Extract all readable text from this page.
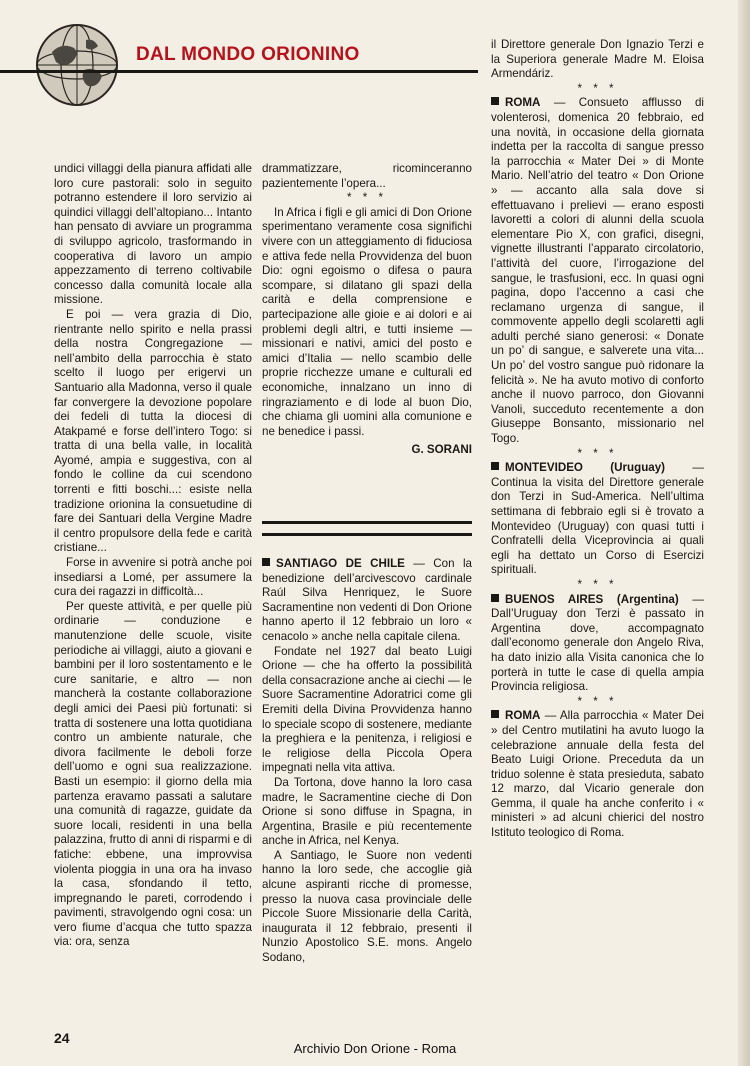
DAL MONDO ORIONINO

undici villaggi della pianura affidati alle loro cure pastorali: solo in seguito potranno estendere il loro servizio ai quindici villaggi dell’altopiano... Intanto han pensato di avviare un programma di sviluppo agricolo, trasformando in cooperativa di lavoro un ampio appezzamento di terreno coltivabile concesso dalla comunità locale alla missione.

E poi — vera grazia di Dio, rientrante nello spirito e nella prassi della nostra Congregazione — nell’ambito della parrocchia è stato scelto il luogo per erigervi un Santuario alla Madonna, verso il quale far convergere la devozione popolare dei fedeli di tutta la diocesi di Atakpamé e forse dell’intero Togo: si tratta di una bella valle, in località Ayomé, ampia e suggestiva, con al fondo le colline da cui scendono torrenti e fitti boschi...: esiste nella tradizione orionina la consuetudine di fare dei Santuari della Vergine Madre il centro propulsore della fede e carità cristiane...

Forse in avvenire si potrà anche poi insediarsi a Lomé, per assumere la cura dei ragazzi in difficoltà...

Per queste attività, e per quelle più ordinarie — conduzione e manutenzione delle scuole, visite periodiche ai villaggi, aiuto a giovani e bambini per il loro sostentamento e le cure sanitarie, e altro — non mancherà la costante collaborazione degli amici dei Paesi più fortunati: si tratta di sostenere una lotta quotidiana contro un ambiente naturale, che divora facilmente le deboli forze dell’uomo e ogni sua realizzazione. Basti un esempio: il giorno della mia partenza eravamo passati a salutare una comunità di ragazze, guidate da suore locali, residenti in una bella palazzina, frutto di anni di risparmi e di fatiche: ebbene, una improvvisa violenta pioggia in una ora ha invaso la casa, sfondando il tetto, impregnando le pareti, corrodendo i pavimenti, stravolgendo ogni cosa: un vero fiume d’acqua che tutto spazza via: ora, senza

drammatizzare, ricominceranno pazientemente l’opera...

* * *

In Africa i figli e gli amici di Don Orione sperimentano veramente cosa significhi vivere con un atteggiamento di fiduciosa e attiva fede nella Provvidenza del buon Dio: ogni egoismo o difesa o paura scompare, si dilatano gli spazi della carità e della comprensione e partecipazione alle gioie e ai dolori e ai problemi degli altri, e tutti insieme — missionari e nativi, amici del posto e amici d’Italia — nello scambio delle proprie ricchezze umane e culturali ed economiche, innalzano un inno di ringraziamento e di lode al buon Dio, che chiama gli uomini alla comunione e ne benedice i passi.

G. SORANI

SANTIAGO DE CHILE — Con la benedizione dell’arcivescovo cardinale Raúl Silva Henriquez, le Suore Sacramentine non vedenti di Don Orione hanno aperto il 12 febbraio un loro « cenacolo » anche nella capitale cilena.

Fondate nel 1927 dal beato Luigi Orione — che ha offerto la possibilità della consacrazione anche ai ciechi — le Suore Sacramentine Adoratrici come gli Eremiti della Divina Provvidenza hanno lo speciale scopo di sostenere, mediante la preghiera e la penitenza, i religiosi e le religiose della Piccola Opera impegnati nella vita attiva.

Da Tortona, dove hanno la loro casa madre, le Sacramentine cieche di Don Orione si sono diffuse in Spagna, in Argentina, Brasile e più recentemente anche in Africa, nel Kenya.

A Santiago, le Suore non vedenti hanno la loro sede, che accoglie già alcune aspiranti ricche di promesse, presso la nuova casa provinciale delle Piccole Suore Missionarie della Carità, inaugurata il 12 febbraio, presenti il Nunzio Apostolico S.E. mons. Angelo Sodano,

il Direttore generale Don Ignazio Terzi e la Superiora generale Madre M. Eloisa Armendáriz.

* * *

ROMA — Consueto afflusso di volenterosi, domenica 20 febbraio, ed una novità, in occasione della giornata indetta per la raccolta di sangue presso la parrocchia « Mater Dei » di Monte Mario. Nell’atrio del teatro « Don Orione » — accanto alla sala dove si effettuavano i prelievi — erano esposti lavoretti a colori di alunni della scuola elementare Pio X, con grafici, disegni, vignette illustranti l’apparato circolatorio, l’attività del cuore, l’irrogazione del sangue, le trasfusioni, ecc. In quasi ogni pagina, dopo l’accenno a casi che reclamano urgenza di sangue, il commovente appello degli scolaretti agli adulti perché siano generosi: « Donate un po’ di sangue, e salverete una vita... Un po’ del vostro sangue può ridonare la felicità ». Ne ha avuto motivo di conforto anche il nuovo parroco, don Giovanni Vanoli, succeduto recentemente a don Giuseppe Bonsanto, missionario nel Togo.

* * *

MONTEVIDEO (Uruguay) — Continua la visita del Direttore generale don Terzi in Sud-America. Nell’ultima settimana di febbraio egli si è trovato a Montevideo (Uruguay) con quasi tutti i Confratelli della Viceprovincia ai quali egli ha dettato un Corso di Esercizi spirituali.

* * *

BUENOS AIRES (Argentina) — Dall’Uruguay don Terzi è passato in Argentina dove, accompagnato dall’economo generale don Angelo Riva, ha dato inizio alla Visita canonica che lo porterà in tutte le case di quella ampia Provincia religiosa.

* * *

ROMA — Alla parrocchia « Mater Dei » del Centro mutilatini ha avuto luogo la celebrazione annuale della festa del Beato Luigi Orione. Preceduta da un triduo solenne è stata presieduta, sabato 12 marzo, dal Vicario generale don Gemma, il quale ha anche conferito i « ministeri » ad alcuni chierici del nostro Istituto teologico di Roma.

24
Archivio Don Orione - Roma
